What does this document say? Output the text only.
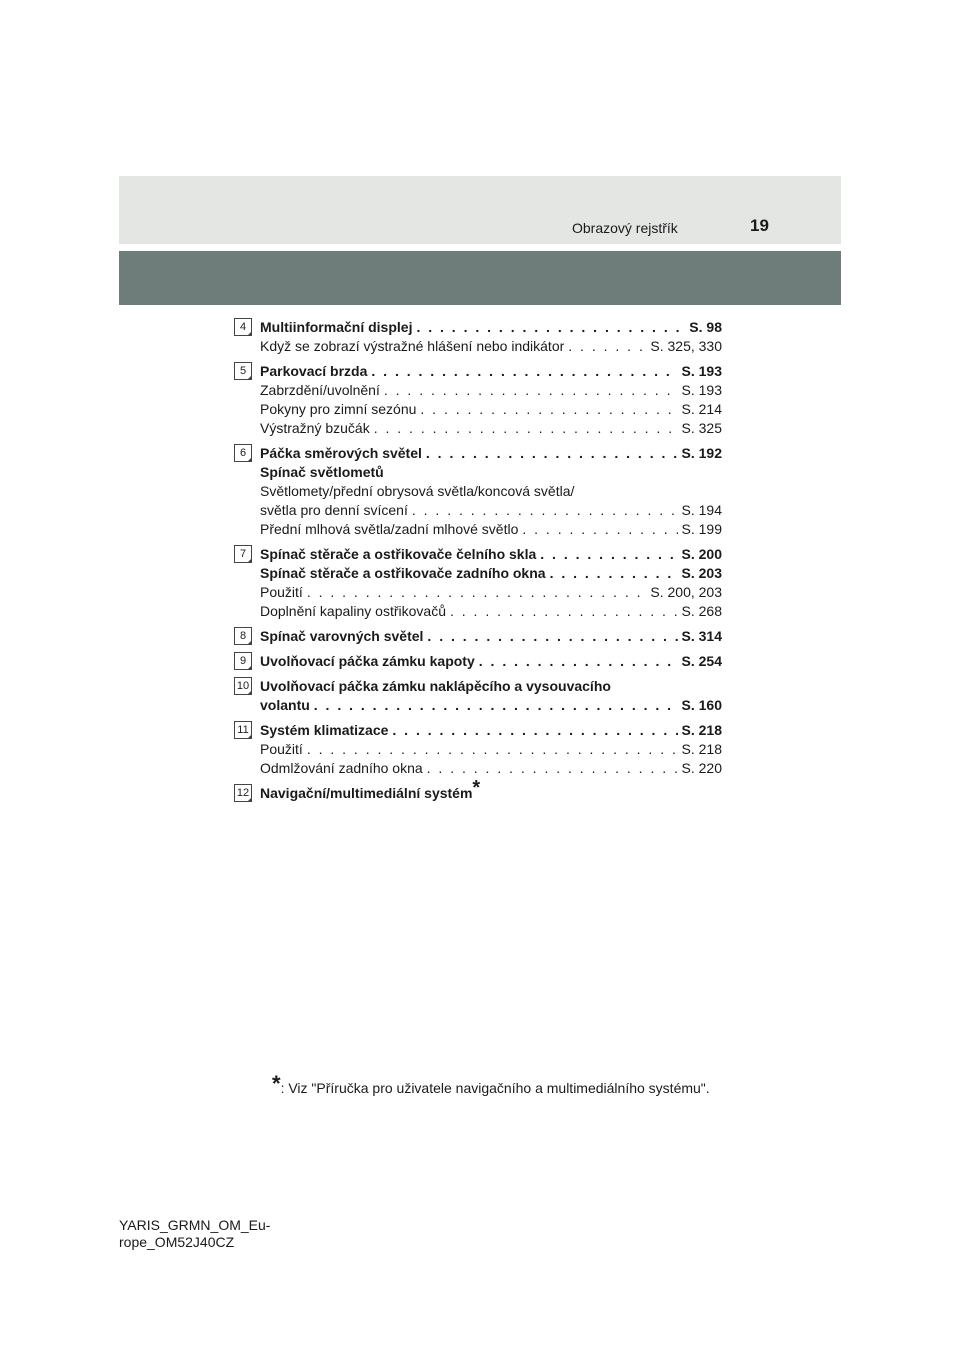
Obrazový rejstřík	19
4 Multiinformační displej . . .	S. 98
Když se zobrazí výstražné hlášení nebo indikátor . . .	S. 325, 330
5 Parkovací brzda . . .	S. 193
Zabrzdění/uvolnění . . .	S. 193
Pokyny pro zimní sezónu . . .	S. 214
Výstražný bzučák . . .	S. 325
6 Páčka směrových světel . . .	S. 192
Spínač světlometů
Světlomety/přední obrysová světla/koncová světla/
světla pro denní svícení . . .	S. 194
Přední mlhová světla/zadní mlhové světlo . . .	S. 199
7 Spínač stěrače a ostřikovače čelního skla . . .	S. 200
Spínač stěrače a ostřikovače zadního okna . . .	S. 203
Použití . . .	S. 200, 203
Doplnění kapaliny ostřikovačů . . .	S. 268
8 Spínač varovných světel . . .	S. 314
9 Uvolňovací páčka zámku kapoty . . .	S. 254
10 Uvolňovací páčka zámku naklápěcího a vysouvacího
volantu . . .	S. 160
11 Systém klimatizace . . .	S. 218
Použití . . .	S. 218
Odmlžování zadního okna . . .	S. 220
12 Navigační/multimediální systém*
*: Viz "Příručka pro uživatele navigačního a multimediálního systému".
YARIS_GRMN_OM_Eu-
rope_OM52J40CZ
